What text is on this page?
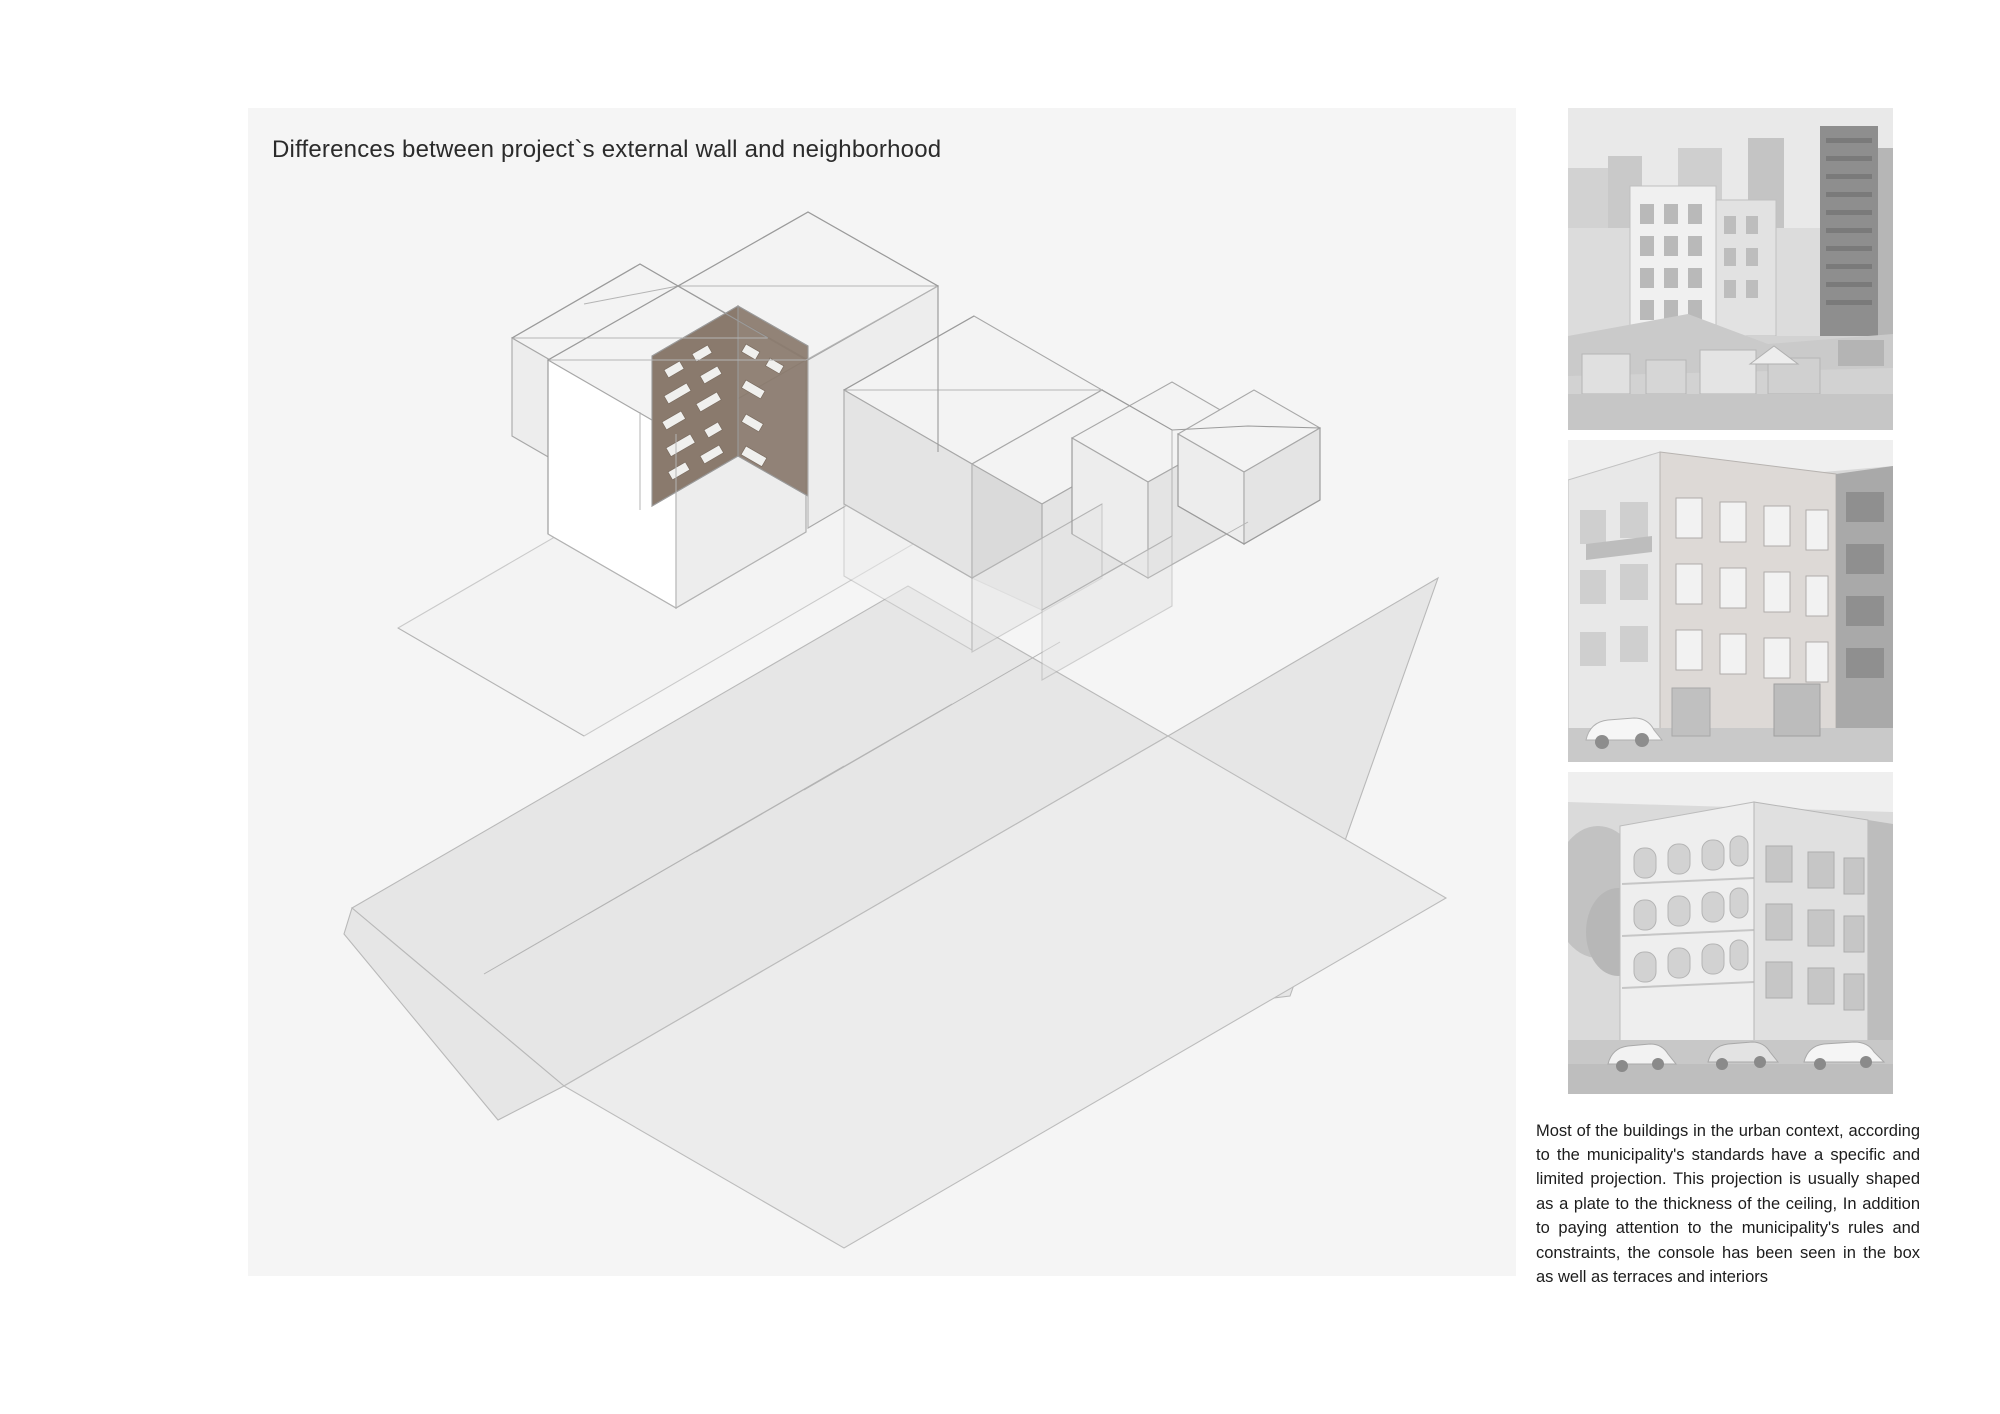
Differences between project`s external wall and neighborhood

Most of the buildings in the urban context, according to the municipality's standards have a specific and limited projection. This projection is usually shaped as a plate to the thickness of the ceiling, In addition to paying attention to the municipality's rules and constraints, the console has been seen in the box as well as terraces and interiors
